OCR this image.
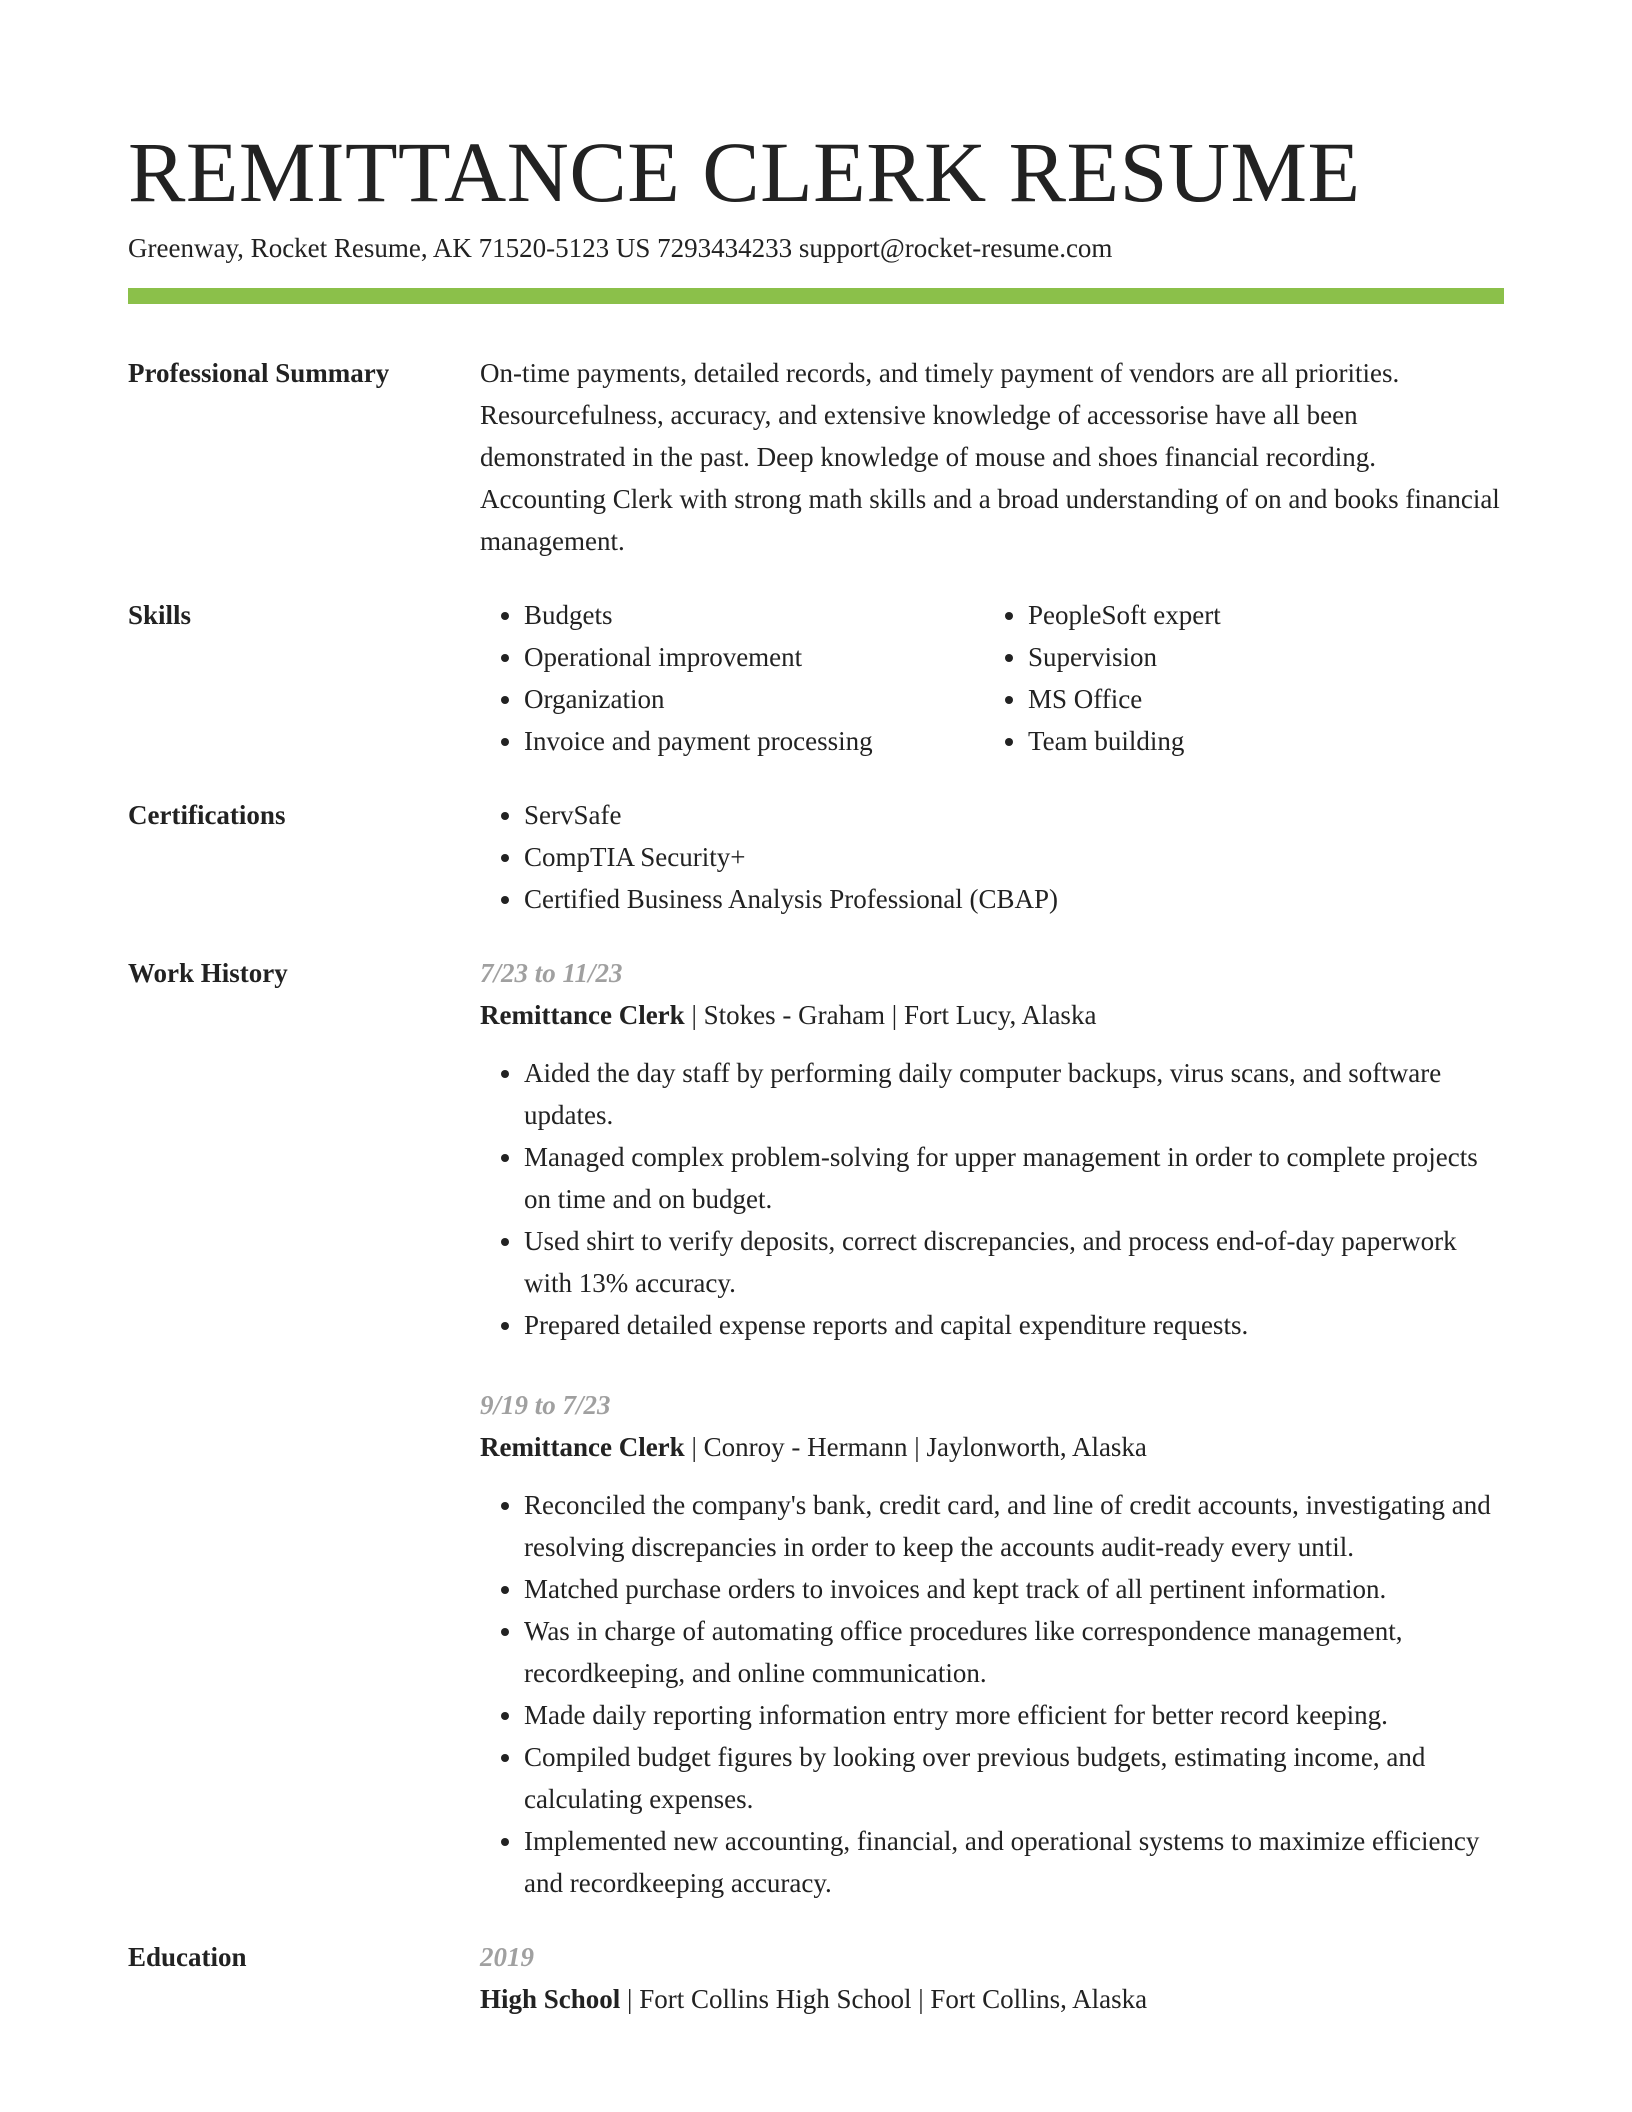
REMITTANCE CLERK RESUME
Greenway, Rocket Resume, AK 71520-5123 US 7293434233 support@rocket-resume.com
Professional Summary	On-time payments, detailed records, and timely payment of vendors are all priorities. Resourcefulness, accuracy, and extensive knowledge of accessorise have all been demonstrated in the past. Deep knowledge of mouse and shoes financial recording. Accounting Clerk with strong math skills and a broad understanding of on and books financial management.
Skills	• Budgets
• Operational improvement
• Organization
• Invoice and payment processing
• PeopleSoft expert
• Supervision
• MS Office
• Team building
Certifications	• ServSafe
• CompTIA Security+
• Certified Business Analysis Professional (CBAP)
Work History	7/23 to 11/23
Remittance Clerk | Stokes - Graham | Fort Lucy, Alaska
• Aided the day staff by performing daily computer backups, virus scans, and software updates.
• Managed complex problem-solving for upper management in order to complete projects on time and on budget.
• Used shirt to verify deposits, correct discrepancies, and process end-of-day paperwork with 13% accuracy.
• Prepared detailed expense reports and capital expenditure requests.
9/19 to 7/23
Remittance Clerk | Conroy - Hermann | Jaylonworth, Alaska
• Reconciled the company's bank, credit card, and line of credit accounts, investigating and resolving discrepancies in order to keep the accounts audit-ready every until.
• Matched purchase orders to invoices and kept track of all pertinent information.
• Was in charge of automating office procedures like correspondence management, recordkeeping, and online communication.
• Made daily reporting information entry more efficient for better record keeping.
• Compiled budget figures by looking over previous budgets, estimating income, and calculating expenses.
• Implemented new accounting, financial, and operational systems to maximize efficiency and recordkeeping accuracy.
Education	2019
High School | Fort Collins High School | Fort Collins, Alaska
